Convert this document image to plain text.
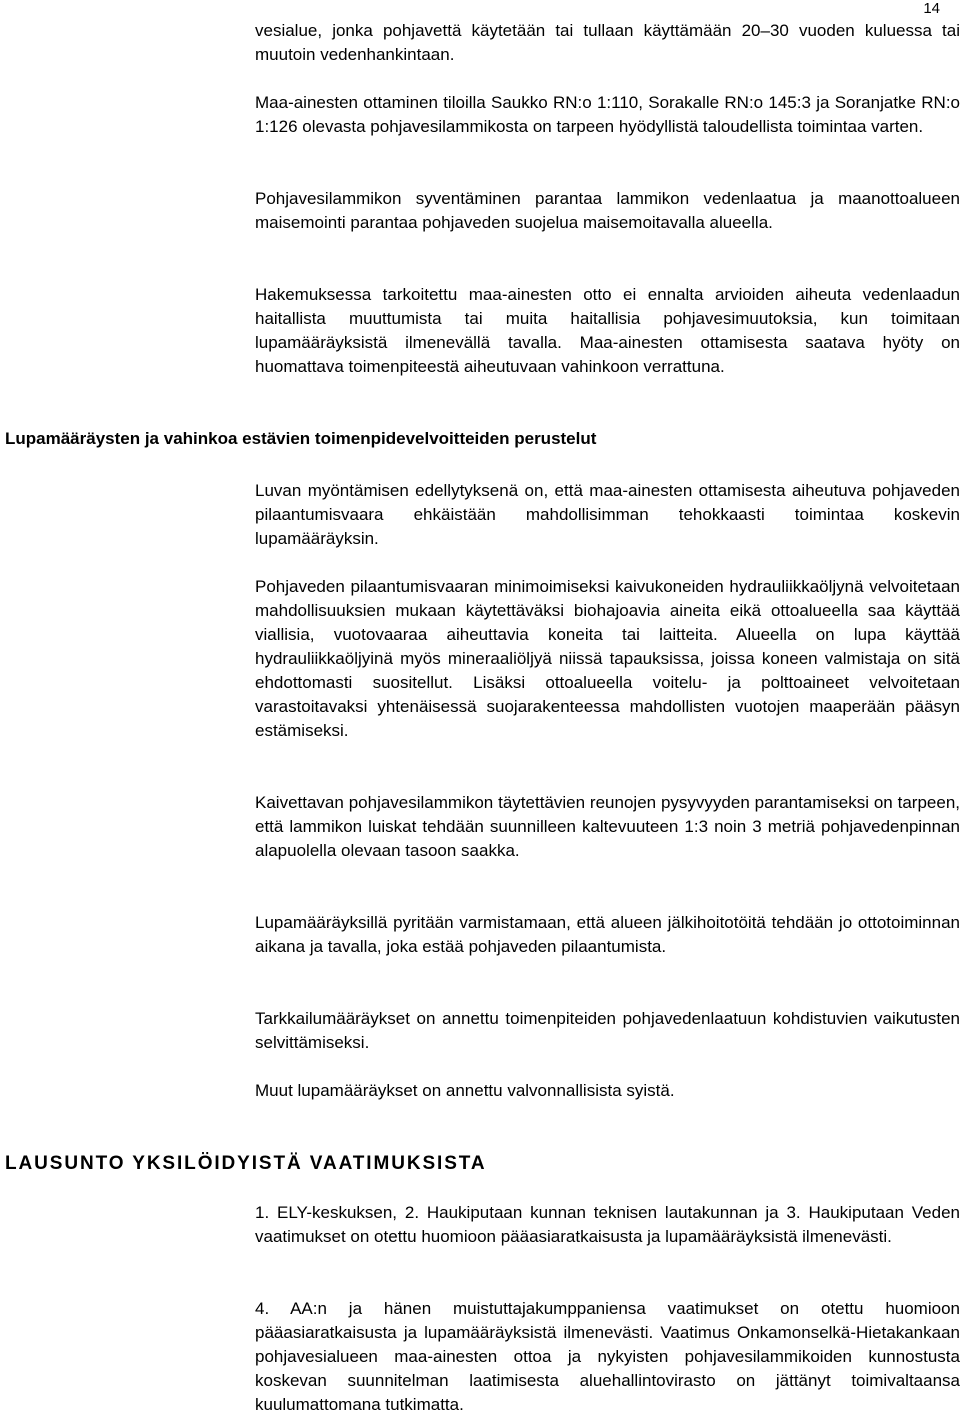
14

vesialue, jonka pohjavettä käytetään tai tullaan käyttämään 20–30 vuoden kuluessa tai muutoin vedenhankintaan.

Maa-ainesten ottaminen tiloilla Saukko RN:o 1:110, Sorakalle RN:o 145:3 ja Soranjatke RN:o 1:126 olevasta pohjavesilammikosta on tarpeen hyödyllistä taloudellista toimintaa varten.

Pohjavesilammikon syventäminen parantaa lammikon vedenlaatua ja maanottoalueen maisemointi parantaa pohjaveden suojelua maisemoitavalla alueella.

Hakemuksessa tarkoitettu maa-ainesten otto ei ennalta arvioiden aiheuta vedenlaadun haitallista muuttumista tai muita haitallisia pohjavesimuutoksia, kun toimitaan lupamääräyksistä ilmenevällä tavalla. Maa-ainesten ottamisesta saatava hyöty on huomattava toimenpiteestä aiheutuvaan vahinkoon verrattuna.

Lupamääräysten ja vahinkoa estävien toimenpidevelvoitteiden perustelut

Luvan myöntämisen edellytyksenä on, että maa-ainesten ottamisesta aiheutuva pohjaveden pilaantumisvaara ehkäistään mahdollisimman tehokkaasti toimintaa koskevin lupamääräyksin.

Pohjaveden pilaantumisvaaran minimoimiseksi kaivukoneiden hydrauliikkaöljynä velvoitetaan mahdollisuuksien mukaan käytettäväksi biohajoavia aineita eikä ottoalueella saa käyttää viallisia, vuotovaaraa aiheuttavia koneita tai laitteita. Alueella on lupa käyttää hydrauliikkaöljyinä myös mineraaliöljyä niissä tapauksissa, joissa koneen valmistaja on sitä ehdottomasti suositellut. Lisäksi ottoalueella voitelu- ja polttoaineet velvoitetaan varastoitavaksi yhtenäisessä suojarakenteessa mahdollisten vuotojen maaperään pääsyn estämiseksi.

Kaivettavan pohjavesilammikon täytettävien reunojen pysyvyyden parantamiseksi on tarpeen, että lammikon luiskat tehdään suunnilleen kaltevuuteen 1:3 noin 3 metriä pohjavedenpinnan alapuolella olevaan tasoon saakka.

Lupamääräyksillä pyritään varmistamaan, että alueen jälkihoitotöitä tehdään jo ottotoiminnan aikana ja tavalla, joka estää pohjaveden pilaantumista.

Tarkkailumääräykset on annettu toimenpiteiden pohjavedenlaatuun kohdistuvien vaikutusten selvittämiseksi.

Muut lupamääräykset on annettu valvonnallisista syistä.

LAUSUNTO YKSILÖIDYISTÄ VAATIMUKSISTA

1. ELY-keskuksen, 2. Haukiputaan kunnan teknisen lautakunnan ja 3. Haukiputaan Veden vaatimukset on otettu huomioon pääasiaratkaisusta ja lupamääräyksistä ilmenevästi.

4. AA:n ja hänen muistuttajakumppaniensa vaatimukset on otettu huomioon pääasiaratkaisusta ja lupamääräyksistä ilmenevästi. Vaatimus Onkamonselkä-Hietakankaan pohjavesialueen maa-ainesten ottoa ja nykyisten pohjavesilammikoiden kunnostusta koskevan suunnitelman laatimisesta aluehallintovirasto on jättänyt toimivaltaansa kuulumattomana tutkimatta.
